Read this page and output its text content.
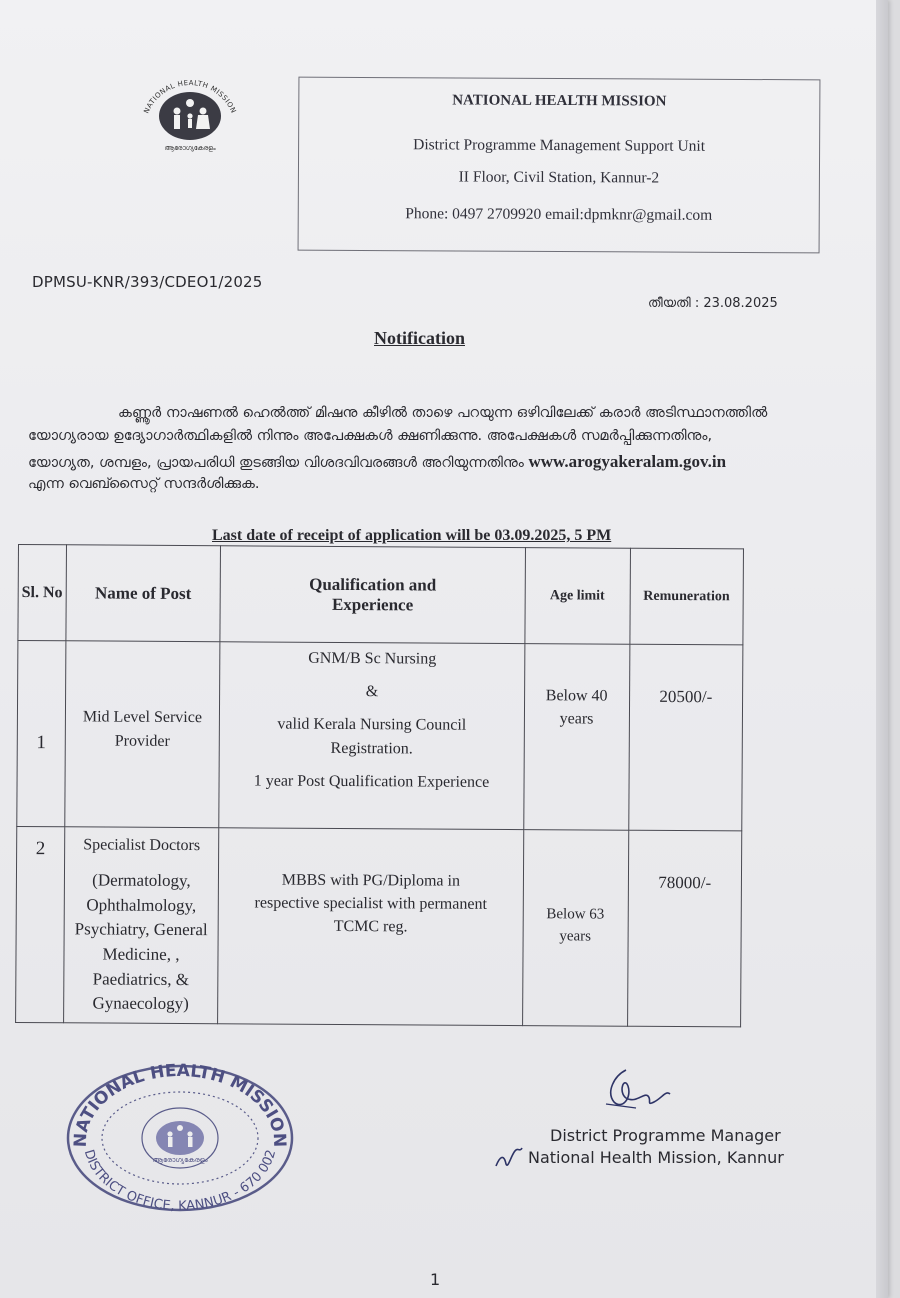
NATIONAL HEALTH MISSION
ആരോഗ്യകേരളം
NATIONAL HEALTH MISSION
District Programme Management Support Unit
II Floor, Civil Station, Kannur-2
Phone: 0497 2709920 email:dpmknr@gmail.com
DPMSU-KNR/393/CDEO1/2025
തീയതി : 23.08.2025
Notification
കണ്ണൂർ നാഷണൽ ഹെൽത്ത് മിഷനു കീഴിൽ താഴെ പറയുന്ന ഒഴിവിലേക്ക് കരാർ അടിസ്ഥാനത്തിൽ
യോഗ്യരായ ഉദ്യോഗാർത്ഥികളിൽ നിന്നും അപേക്ഷകൾ ക്ഷണിക്കുന്നു. അപേക്ഷകൾ സമർപ്പിക്കുന്നതിനും,
യോഗ്യത, ശമ്പളം, പ്രായപരിധി തുടങ്ങിയ വിശദവിവരങ്ങൾ അറിയുന്നതിനും www.arogyakeralam.gov.in
എന്ന വെബ്സൈറ്റ് സന്ദർശിക്കുക.
Last date of receipt of application will be 03.09.2025, 5 PM
Sl. No	Name of Post	Qualification and Experience	Age limit	Remuneration
1	Mid Level Service Provider	GNM/B Sc Nursing
&
valid Kerala Nursing Council Registration.
1 year Post Qualification Experience	Below 40 years	20500/-

2	Specialist Doctors
(Dermatology, Ophthalmology, Psychiatry, General Medicine, , Paediatrics, & Gynaecology)	MBBS with PG/Diploma in respective specialist with permanent TCMC reg.	Below 63 years	78000/-
NATIONAL HEALTH MISSION
DISTRICT OFFICE, KANNUR - 670 002
ആരോഗ്യകേരളം
District Programme Manager
National Health Mission, Kannur
1
